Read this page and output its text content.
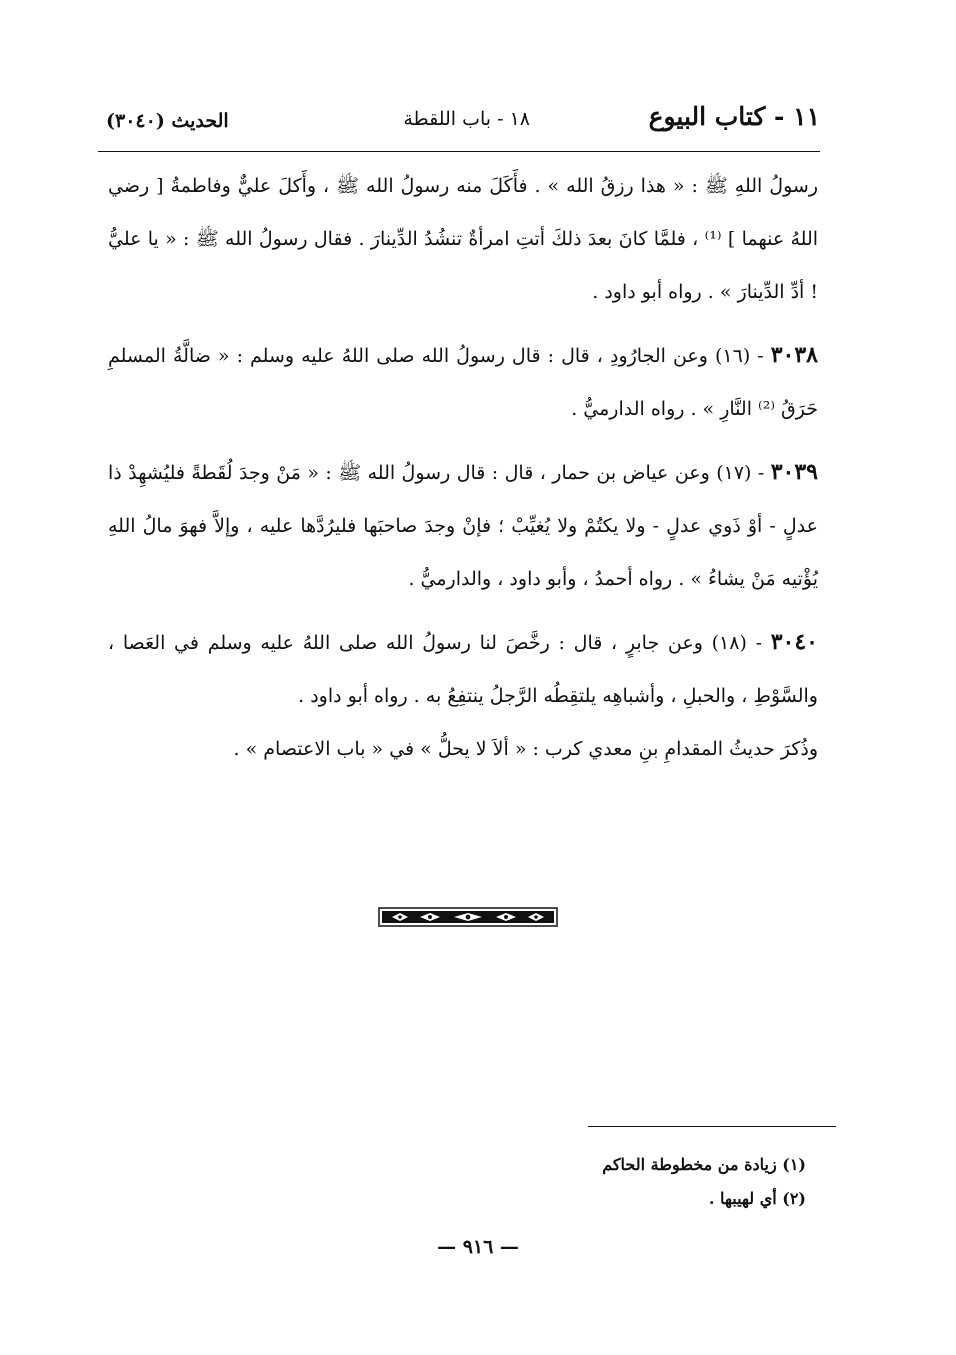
١١ - كتاب البيوع
١٨ - باب اللقطة
الحديث (٣٠٤٠)

رسولُ اللهِ ﷺ : « هذا رزقُ الله » . فأَكَلَ منه رسولُ الله ﷺ ، وأَكلَ عليٌّ وفاطمةُ [ رضي اللهُ عنهما ] ⁽¹⁾ ، فلمَّا كانَ بعدَ ذلكَ أتتِ امرأةٌ تنشُدُ الدِّينارَ . فقال رسولُ الله ﷺ : « يا عليُّ ! أدِّ الدِّينارَ » . رواه أبو داود .

٣٠٣٨ - (١٦) وعن الجارُودِ ، قال : قال رسولُ الله صلى اللهُ عليه وسلم : « ضالَّةُ المسلمِ حَرَقُ ⁽²⁾ النَّارِ » . رواه الدارميُّ .

٣٠٣٩ - (١٧) وعن عياض بن حمار ، قال : قال رسولُ الله ﷺ : « مَنْ وجدَ لُقَطةً فليُشهِدْ ذا عدلٍ - أوْ ذَوي عدلٍ - ولا يكتُمْ ولا يُغيِّبْ ؛ فإنْ وجدَ صاحبَها فليرُدَّها عليه ، وإلاَّ فهوَ مالُ اللهِ يُؤْتيه مَنْ يشاءُ » . رواه أحمدُ ، وأبو داود ، والدارميُّ .

٣٠٤٠ - (١٨) وعن جابرٍ ، قال : رخَّصَ لنا رسولُ الله صلى اللهُ عليه وسلم في العَصا ، والسَّوْطِ ، والحبلِ ، وأشباهِه يلتقِطُه الرَّجلُ ينتفِعُ به . رواه أبو داود .

وذُكرَ حديثُ المقدامِ بنِ معدي كرب : « ألاَ لا يحلُّ » في « باب الاعتصام » .

(١) زيادة من مخطوطة الحاكم
(٢) أي لهيبها .
— ٩١٦ —
